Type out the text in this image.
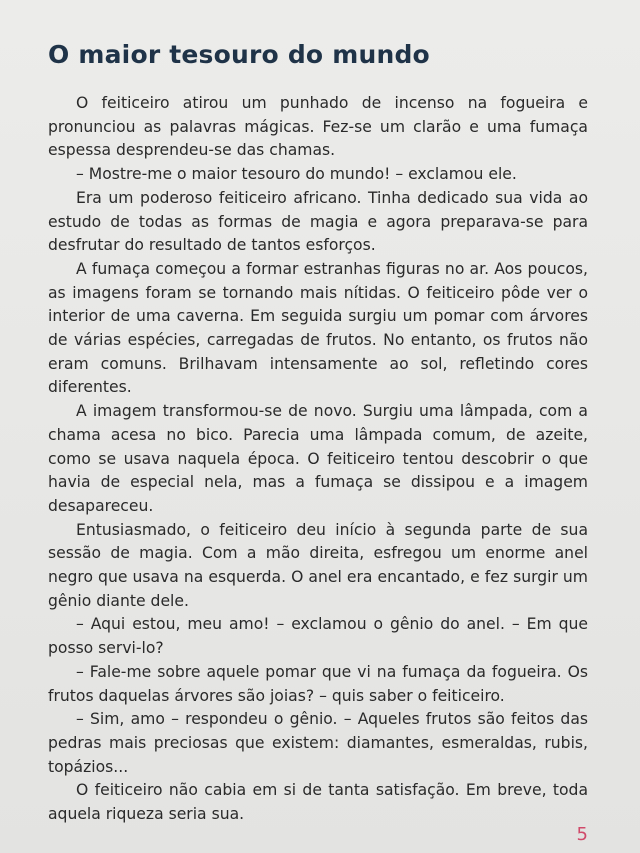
O maior tesouro do mundo

O feiticeiro atirou um punhado de incenso na fogueira e pronunciou as palavras mágicas. Fez-se um clarão e uma fumaça espessa desprendeu-se das chamas.

– Mostre-me o maior tesouro do mundo! – exclamou ele.

Era um poderoso feiticeiro africano. Tinha dedicado sua vida ao estudo de todas as formas de magia e agora preparava-se para desfrutar do resultado de tantos esforços.

A fumaça começou a formar estranhas figuras no ar. Aos poucos, as imagens foram se tornando mais nítidas. O feiticeiro pôde ver o interior de uma caverna. Em seguida surgiu um pomar com árvores de várias espécies, carregadas de frutos. No entanto, os frutos não eram comuns. Brilhavam intensamente ao sol, refletindo cores diferentes.

A imagem transformou-se de novo. Surgiu uma lâmpada, com a chama acesa no bico. Parecia uma lâmpada comum, de azeite, como se usava naquela época. O feiticeiro tentou descobrir o que havia de especial nela, mas a fumaça se dissipou e a imagem desapareceu.

Entusiasmado, o feiticeiro deu início à segunda parte de sua sessão de magia. Com a mão direita, esfregou um enorme anel negro que usava na esquerda. O anel era encantado, e fez surgir um gênio diante dele.

– Aqui estou, meu amo! – exclamou o gênio do anel. – Em que posso servi-lo?

– Fale-me sobre aquele pomar que vi na fumaça da fogueira. Os frutos daquelas árvores são joias? – quis saber o feiticeiro.

– Sim, amo – respondeu o gênio. – Aqueles frutos são feitos das pedras mais preciosas que existem: diamantes, esmeraldas, rubis, topázios...

O feiticeiro não cabia em si de tanta satisfação. Em breve, toda aquela riqueza seria sua.

5
